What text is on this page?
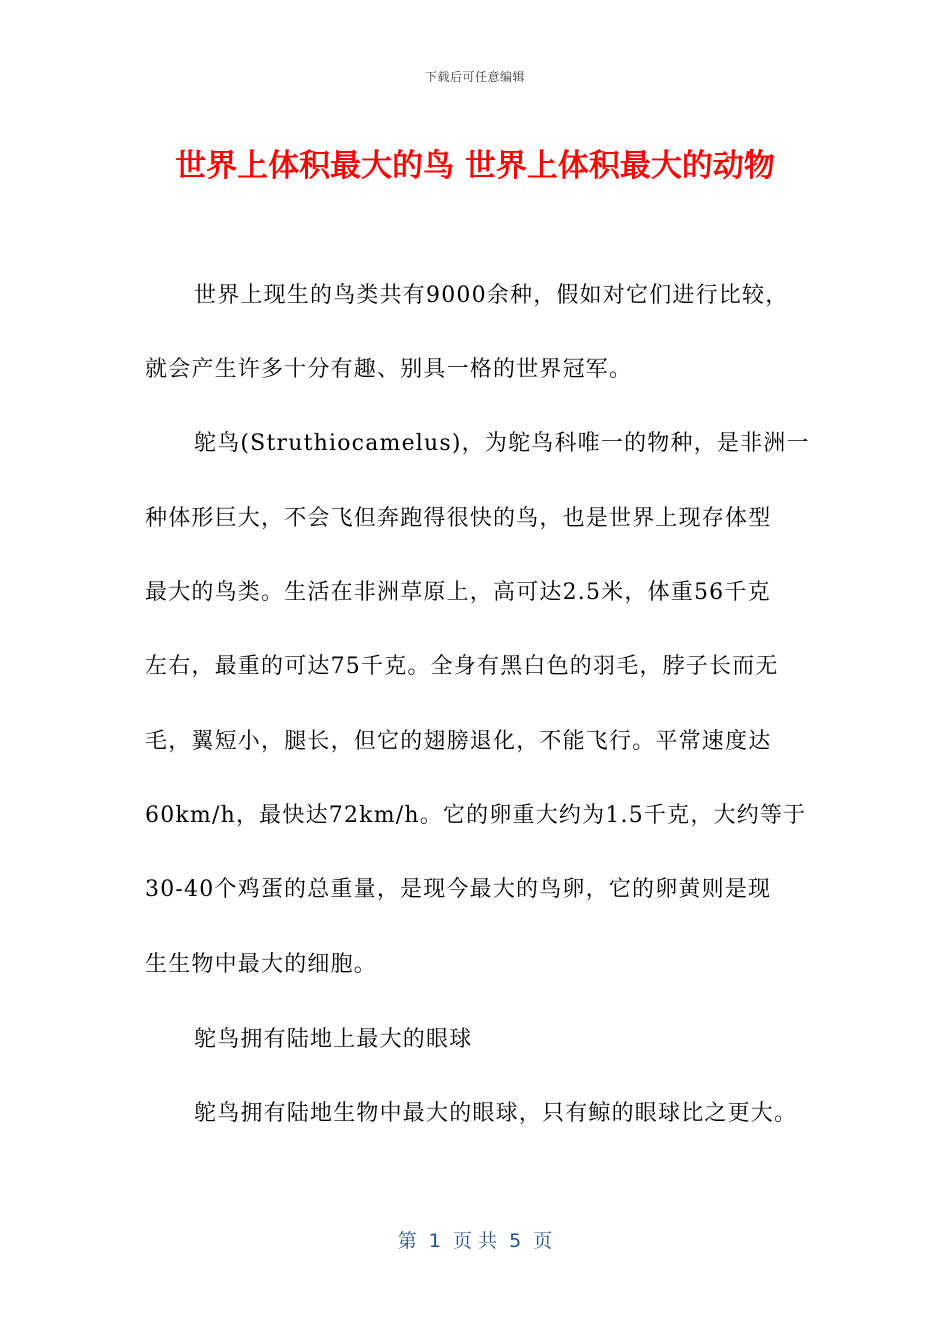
下载后可任意编辑
世界上体积最大的鸟 世界上体积最大的动物
世界上现生的鸟类共有9000余种，假如对它们进行比较，
就会产生许多十分有趣、别具一格的世界冠军。
鸵鸟(Struthiocamelus)，为鸵鸟科唯一的物种，是非洲一
种体形巨大，不会飞但奔跑得很快的鸟，也是世界上现存体型
最大的鸟类。生活在非洲草原上，高可达2.5米，体重56千克
左右，最重的可达75千克。全身有黑白色的羽毛，脖子长而无
毛，翼短小，腿长，但它的翅膀退化，不能飞行。平常速度达
60km/h，最快达72km/h。它的卵重大约为1.5千克，大约等于
30-40个鸡蛋的总重量，是现今最大的鸟卵，它的卵黄则是现
生生物中最大的细胞。
鸵鸟拥有陆地上最大的眼球
鸵鸟拥有陆地生物中最大的眼球，只有鲸的眼球比之更大。
第  1  页 共  5  页
